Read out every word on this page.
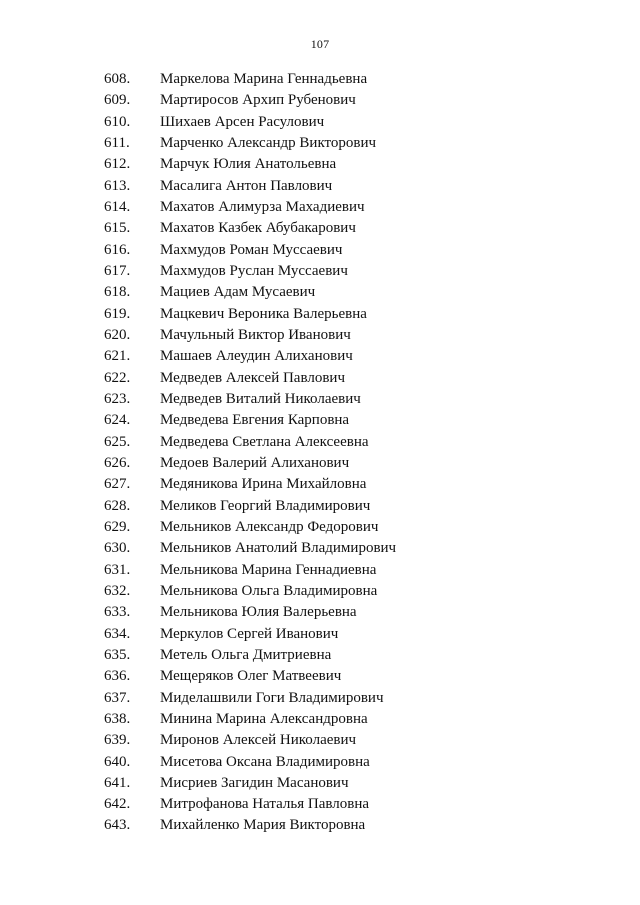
107
608. Маркелова Марина Геннадьевна
609. Мартиросов Архип Рубенович
610. Шихаев Арсен Расулович
611. Марченко Александр Викторович
612. Марчук Юлия Анатольевна
613. Масалига Антон Павлович
614. Махатов Алимурза Махадиевич
615. Махатов Казбек Абубакарович
616. Махмудов Роман Муссаевич
617. Махмудов Руслан Муссаевич
618. Мациев Адам Мусаевич
619. Мацкевич Вероника Валерьевна
620. Мачульный Виктор Иванович
621. Машаев Алеудин Алиханович
622. Медведев Алексей Павлович
623. Медведев Виталий Николаевич
624. Медведева Евгения Карповна
625. Медведева Светлана Алексеевна
626. Медоев Валерий Алиханович
627. Медяникова Ирина Михайловна
628. Меликов Георгий Владимирович
629. Мельников Александр Федорович
630. Мельников Анатолий Владимирович
631. Мельникова Марина Геннадиевна
632. Мельникова Ольга Владимировна
633. Мельникова Юлия Валерьевна
634. Меркулов Сергей Иванович
635. Метель Ольга Дмитриевна
636. Мещеряков Олег Матвеевич
637. Миделашвили Гоги Владимирович
638. Минина Марина Александровна
639. Миронов Алексей Николаевич
640. Мисетова Оксана Владимировна
641. Мисриев Загидин Масанович
642. Митрофанова Наталья Павловна
643. Михайленко Мария Викторовна
